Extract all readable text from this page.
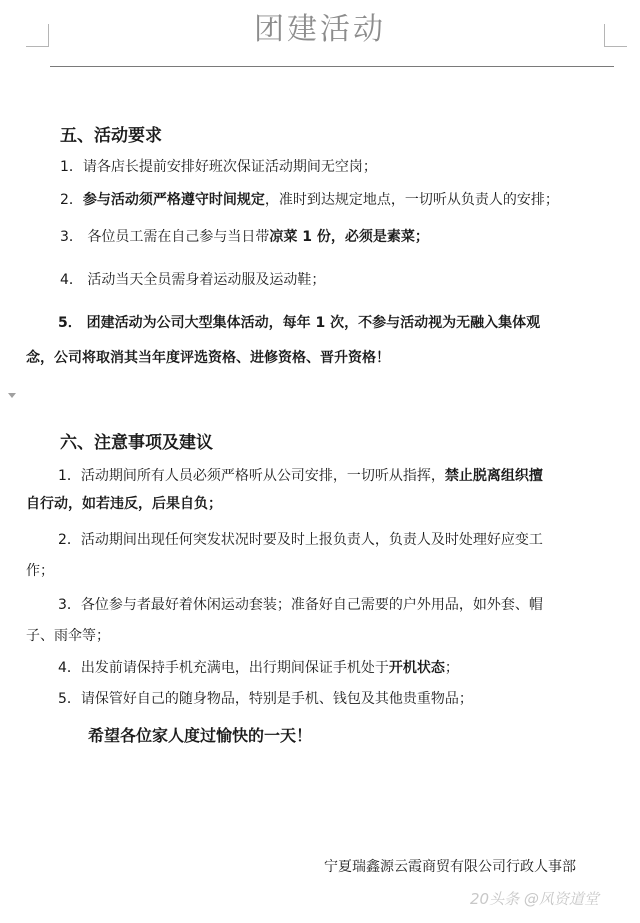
团建活动
五、活动要求
1．请各店长提前安排好班次保证活动期间无空岗；
2．参与活动须严格遵守时间规定，准时到达规定地点，一切听从负责人的安排；
3． 各位员工需在自己参与当日带凉菜 1 份，必须是素菜；
4． 活动当天全员需身着运动服及运动鞋；
5． 团建活动为公司大型集体活动，每年 1 次，不参与活动视为无融入集体观
念，公司将取消其当年度评选资格、进修资格、晋升资格！
六、注意事项及建议
1．活动期间所有人员必须严格听从公司安排，一切听从指挥，禁止脱离组织擅
自行动，如若违反，后果自负；
2．活动期间出现任何突发状况时要及时上报负责人，负责人及时处理好应变工
作；
3．各位参与者最好着休闲运动套装；准备好自己需要的户外用品，如外套、帽
子、雨伞等；
4．出发前请保持手机充满电，出行期间保证手机处于开机状态；
5．请保管好自己的随身物品，特别是手机、钱包及其他贵重物品；
希望各位家人度过愉快的一天！
宁夏瑞鑫源云霞商贸有限公司行政人事部
20头条 @风资道堂
